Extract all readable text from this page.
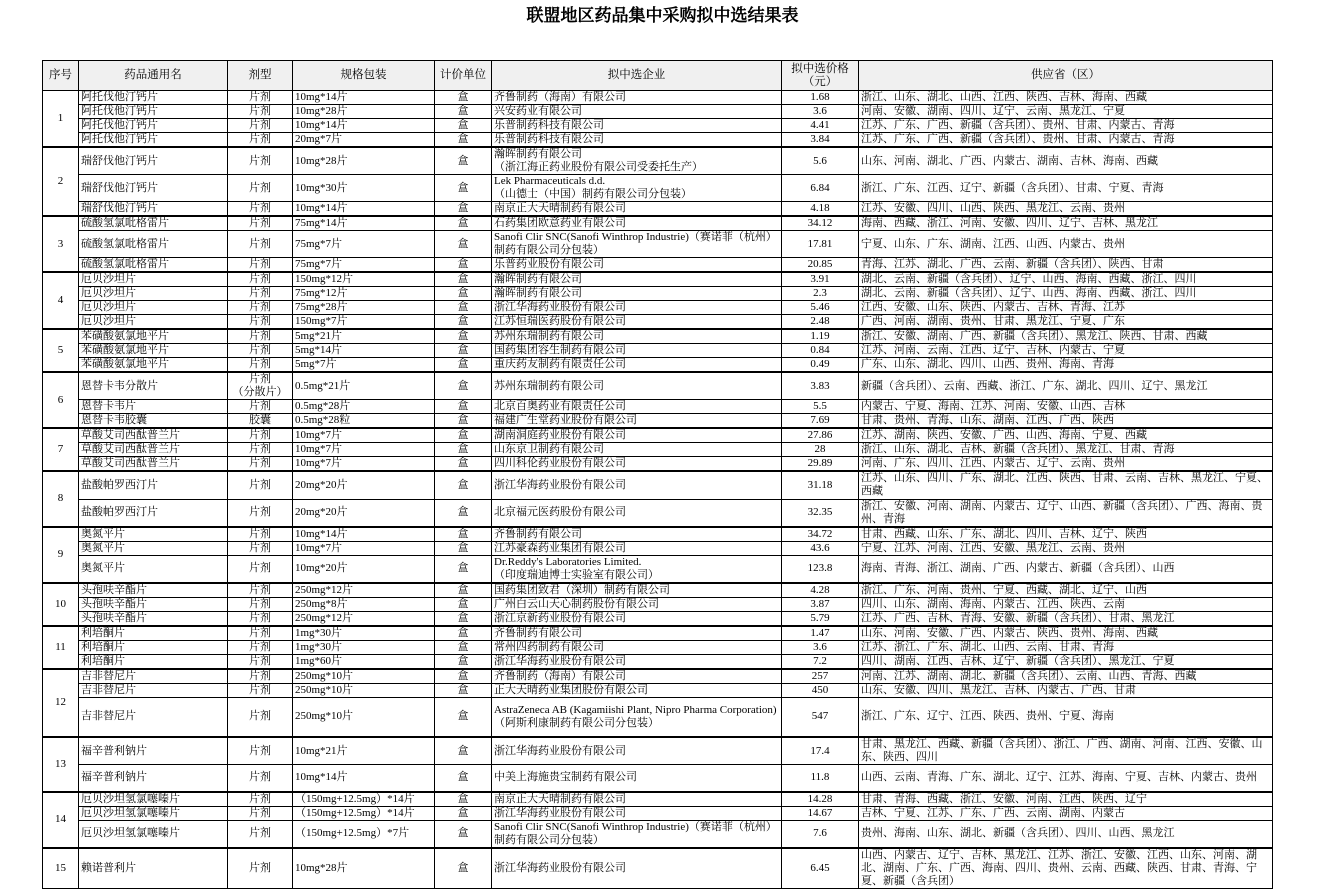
联盟地区药品集中采购拟中选结果表
序号	药品通用名	剂型	规格包装	计价单位	拟中选企业	拟中选价格
（元）	供应省（区）
1	阿托伐他汀钙片	片剂	10mg*14片	盒	齐鲁制药（海南）有限公司	1.68	浙江、山东、湖北、山西、江西、陕西、吉林、海南、西藏
	阿托伐他汀钙片	片剂	10mg*28片	盒	兴安药业有限公司	3.6	河南、安徽、湖南、四川、辽宁、云南、黑龙江、宁夏
	阿托伐他汀钙片	片剂	10mg*14片	盒	乐普制药科技有限公司	4.41	江苏、广东、广西、新疆（含兵团）、贵州、甘肃、内蒙古、青海
	阿托伐他汀钙片	片剂	20mg*7片	盒	乐普制药科技有限公司	3.84	江苏、广东、广西、新疆（含兵团）、贵州、甘肃、内蒙古、青海
2	瑞舒伐他汀钙片	片剂	10mg*28片	盒	瀚晖制药有限公司
（浙江海正药业股份有限公司受委托生产）	5.6	山东、河南、湖北、广西、内蒙古、湖南、吉林、海南、西藏
	瑞舒伐他汀钙片	片剂	10mg*30片	盒	Lek Pharmaceuticals d.d.
（山德士（中国）制药有限公司分包装）	6.84	浙江、广东、江西、辽宁、新疆（含兵团）、甘肃、宁夏、青海
	瑞舒伐他汀钙片	片剂	10mg*14片	盒	南京正大天晴制药有限公司	4.18	江苏、安徽、四川、山西、陕西、黑龙江、云南、贵州
3	硫酸氢氯吡格雷片	片剂	75mg*14片	盒	石药集团欧意药业有限公司	34.12	海南、西藏、浙江、河南、安徽、四川、辽宁、吉林、黑龙江
	硫酸氢氯吡格雷片	片剂	75mg*7片	盒	Sanofi Clir SNC(Sanofi Winthrop Industrie)（赛诺菲（杭州）制药有限公司分包装）	17.81	宁夏、山东、广东、湖南、江西、山西、内蒙古、贵州
	硫酸氢氯吡格雷片	片剂	75mg*7片	盒	乐普药业股份有限公司	20.85	青海、江苏、湖北、广西、云南、新疆（含兵团）、陕西、甘肃
4	厄贝沙坦片	片剂	150mg*12片	盒	瀚晖制药有限公司	3.91	湖北、云南、新疆（含兵团）、辽宁、山西、海南、西藏、浙江、四川
	厄贝沙坦片	片剂	75mg*12片	盒	瀚晖制药有限公司	2.3	湖北、云南、新疆（含兵团）、辽宁、山西、海南、西藏、浙江、四川
	厄贝沙坦片	片剂	75mg*28片	盒	浙江华海药业股份有限公司	5.46	江西、安徽、山东、陕西、内蒙古、吉林、青海、江苏
	厄贝沙坦片	片剂	150mg*7片	盒	江苏恒瑞医药股份有限公司	2.48	广西、河南、湖南、贵州、甘肃、黑龙江、宁夏、广东
5	苯磺酸氨氯地平片	片剂	5mg*21片	盒	苏州东瑞制药有限公司	1.19	浙江、安徽、湖南、广西、新疆（含兵团）、黑龙江、陕西、甘肃、西藏
	苯磺酸氨氯地平片	片剂	5mg*14片	盒	国药集团容生制药有限公司	0.84	江苏、河南、云南、江西、辽宁、吉林、内蒙古、宁夏
	苯磺酸氨氯地平片	片剂	5mg*7片	盒	重庆药友制药有限责任公司	0.49	广东、山东、湖北、四川、山西、贵州、海南、青海
6	恩替卡韦分散片	片剂
（分散片）	0.5mg*21片	盒	苏州东瑞制药有限公司	3.83	新疆（含兵团）、云南、西藏、浙江、广东、湖北、四川、辽宁、黑龙江
	恩替卡韦片	片剂	0.5mg*28片	盒	北京百奥药业有限责任公司	5.5	内蒙古、宁夏、海南、江苏、河南、安徽、山西、吉林
	恩替卡韦胶囊	胶囊	0.5mg*28粒	盒	福建广生堂药业股份有限公司	7.69	甘肃、贵州、青海、山东、湖南、江西、广西、陕西
7	草酸艾司西酞普兰片	片剂	10mg*7片	盒	湖南洞庭药业股份有限公司	27.86	江苏、湖南、陕西、安徽、广西、山西、海南、宁夏、西藏
	草酸艾司西酞普兰片	片剂	10mg*7片	盒	山东京卫制药有限公司	28	浙江、山东、湖北、吉林、新疆（含兵团）、黑龙江、甘肃、青海
	草酸艾司西酞普兰片	片剂	10mg*7片	盒	四川科伦药业股份有限公司	29.89	河南、广东、四川、江西、内蒙古、辽宁、云南、贵州
8	盐酸帕罗西汀片	片剂	20mg*20片	盒	浙江华海药业股份有限公司	31.18	江苏、山东、四川、广东、湖北、江西、陕西、甘肃、云南、吉林、黑龙江、宁夏、西藏
	盐酸帕罗西汀片	片剂	20mg*20片	盒	北京福元医药股份有限公司	32.35	浙江、安徽、河南、湖南、内蒙古、辽宁、山西、新疆（含兵团）、广西、海南、贵州、青海
9	奥氮平片	片剂	10mg*14片	盒	齐鲁制药有限公司	34.72	甘肃、西藏、山东、广东、湖北、四川、吉林、辽宁、陕西
	奥氮平片	片剂	10mg*7片	盒	江苏豪森药业集团有限公司	43.6	宁夏、江苏、河南、江西、安徽、黑龙江、云南、贵州
	奥氮平片	片剂	10mg*20片	盒	Dr.Reddy's Laboratories Limited.
（印度瑞迪博士实验室有限公司）	123.8	海南、青海、浙江、湖南、广西、内蒙古、新疆（含兵团）、山西
10	头孢呋辛酯片	片剂	250mg*12片	盒	国药集团致君（深圳）制药有限公司	4.28	浙江、广东、河南、贵州、宁夏、西藏、湖北、辽宁、山西
	头孢呋辛酯片	片剂	250mg*8片	盒	广州白云山天心制药股份有限公司	3.87	四川、山东、湖南、海南、内蒙古、江西、陕西、云南
	头孢呋辛酯片	片剂	250mg*12片	盒	浙江京新药业股份有限公司	5.79	江苏、广西、吉林、青海、安徽、新疆（含兵团）、甘肃、黑龙江
11	利培酮片	片剂	1mg*30片	盒	齐鲁制药有限公司	1.47	山东、河南、安徽、广西、内蒙古、陕西、贵州、海南、西藏
	利培酮片	片剂	1mg*30片	盒	常州四药制药有限公司	3.6	江苏、浙江、广东、湖北、山西、云南、甘肃、青海
	利培酮片	片剂	1mg*60片	盒	浙江华海药业股份有限公司	7.2	四川、湖南、江西、吉林、辽宁、新疆（含兵团）、黑龙江、宁夏
12	吉非替尼片	片剂	250mg*10片	盒	齐鲁制药（海南）有限公司	257	河南、江苏、湖南、湖北、新疆（含兵团）、云南、山西、青海、西藏
	吉非替尼片	片剂	250mg*10片	盒	正大天晴药业集团股份有限公司	450	山东、安徽、四川、黑龙江、吉林、内蒙古、广西、甘肃
	吉非替尼片	片剂	250mg*10片	盒	AstraZeneca AB (Kagamiishi Plant, Nipro Pharma Corporation)（阿斯利康制药有限公司分包装）	547	浙江、广东、辽宁、江西、陕西、贵州、宁夏、海南
13	福辛普利钠片	片剂	10mg*21片	盒	浙江华海药业股份有限公司	17.4	甘肃、黑龙江、西藏、新疆（含兵团）、浙江、广西、湖南、河南、江西、安徽、山东、陕西、四川
	福辛普利钠片	片剂	10mg*14片	盒	中美上海施贵宝制药有限公司	11.8	山西、云南、青海、广东、湖北、辽宁、江苏、海南、宁夏、吉林、内蒙古、贵州
14	厄贝沙坦氢氯噻嗪片	片剂	（150mg+12.5mg）*14片	盒	南京正大天晴制药有限公司	14.28	甘肃、青海、西藏、浙江、安徽、河南、江西、陕西、辽宁
	厄贝沙坦氢氯噻嗪片	片剂	（150mg+12.5mg）*14片	盒	浙江华海药业股份有限公司	14.67	吉林、宁夏、江苏、广东、广西、云南、湖南、内蒙古
	厄贝沙坦氢氯噻嗪片	片剂	（150mg+12.5mg）*7片	盒	Sanofi Clir SNC(Sanofi Winthrop Industrie)（赛诺菲（杭州）制药有限公司分包装）	7.6	贵州、海南、山东、湖北、新疆（含兵团）、四川、山西、黑龙江
15	赖诺普利片	片剂	10mg*28片	盒	浙江华海药业股份有限公司	6.45	山西、内蒙古、辽宁、吉林、黑龙江、江苏、浙江、安徽、江西、山东、河南、湖北、湖南、广东、广西、海南、四川、贵州、云南、西藏、陕西、甘肃、青海、宁夏、新疆（含兵团）
